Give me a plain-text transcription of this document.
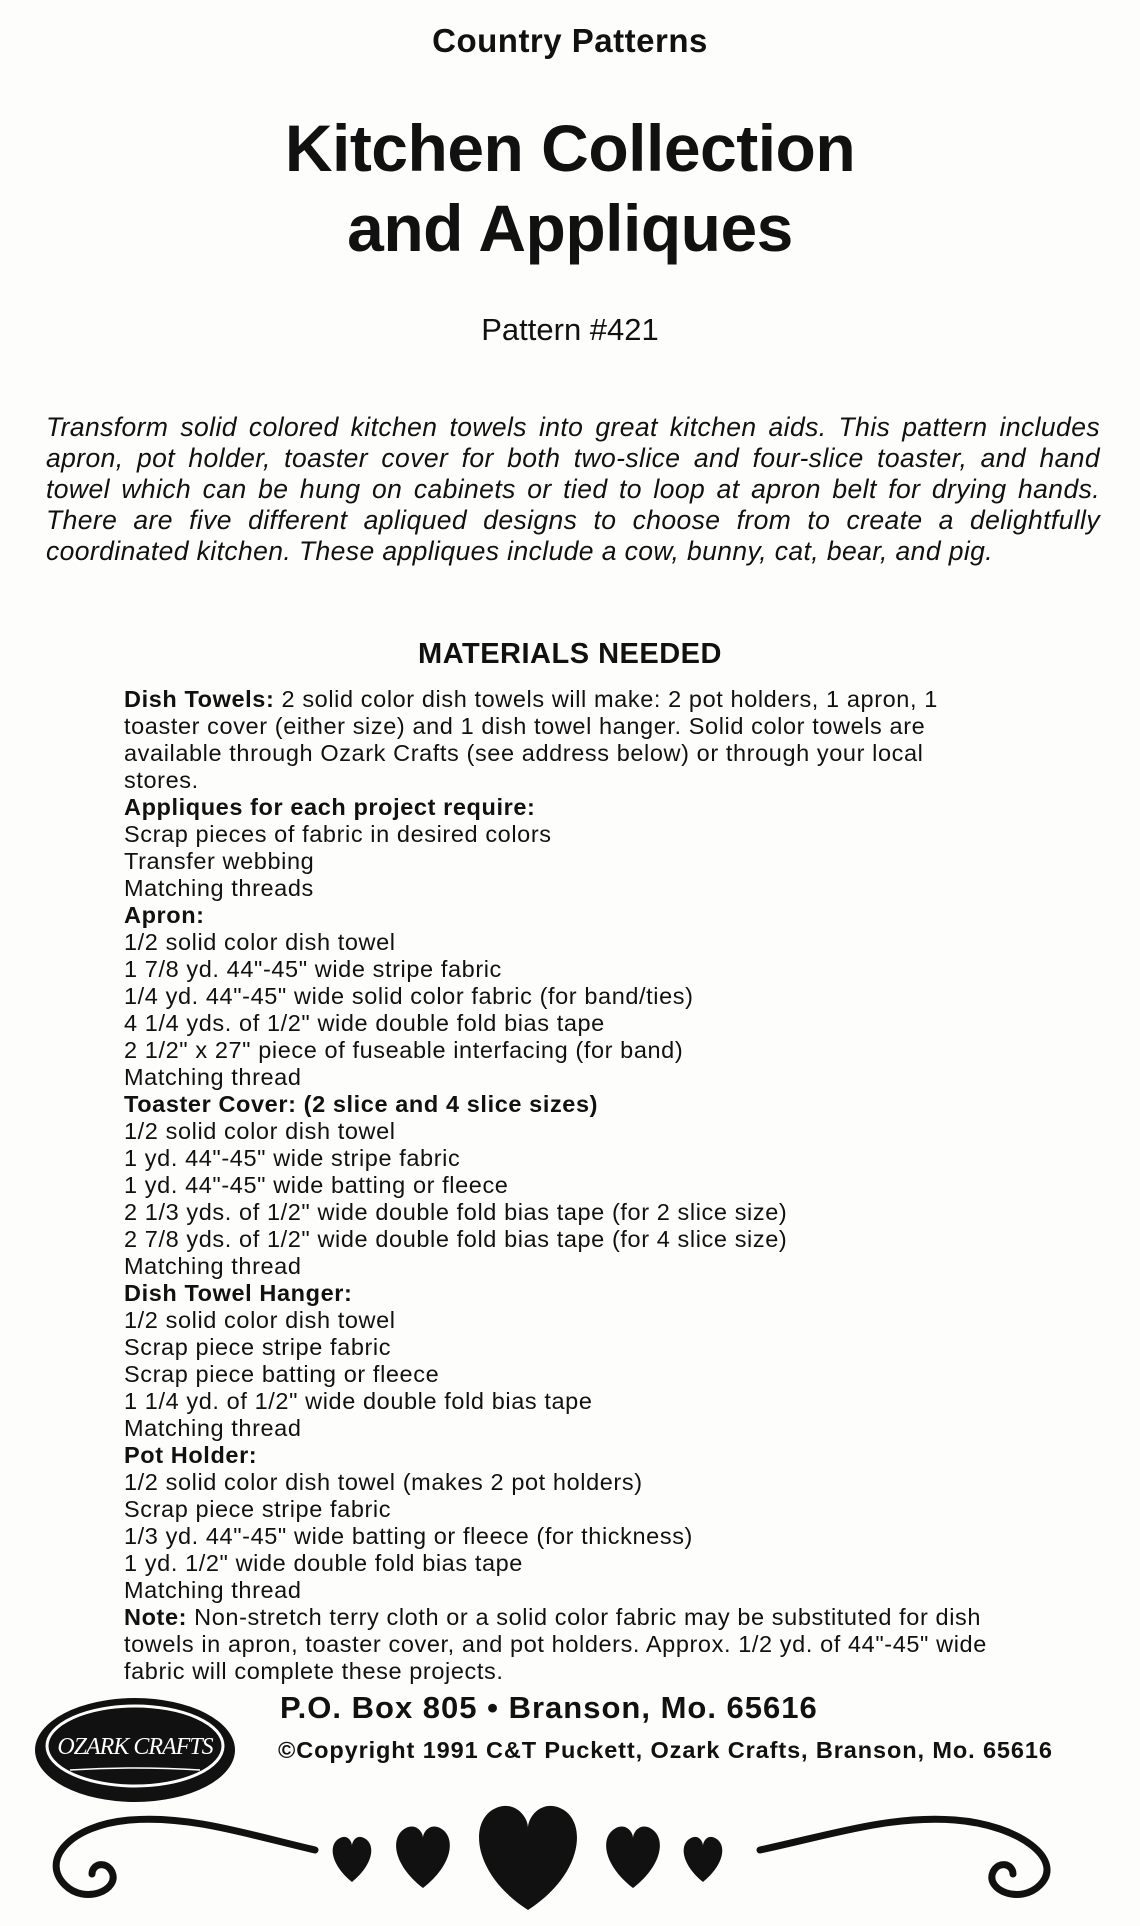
Country Patterns
Kitchen Collection
and Appliques
Pattern #421
Transform solid colored kitchen towels into great kitchen aids. This pattern includes apron, pot holder, toaster cover for both two-slice and four-slice toaster, and hand towel which can be hung on cabinets or tied to loop at apron belt for drying hands. There are five different apliqued designs to choose from to create a delightfully coordinated kitchen. These appliques include a cow, bunny, cat, bear, and pig.
MATERIALS NEEDED
Dish Towels: 2 solid color dish towels will make: 2 pot holders, 1 apron, 1 toaster cover (either size) and 1 dish towel hanger. Solid color towels are available through Ozark Crafts (see address below) or through your local stores.
Appliques for each project require:
Scrap pieces of fabric in desired colors
Transfer webbing
Matching threads
Apron:
1/2 solid color dish towel
1 7/8 yd. 44"-45" wide stripe fabric
1/4 yd. 44"-45" wide solid color fabric (for band/ties)
4 1/4 yds. of 1/2" wide double fold bias tape
2 1/2" x 27" piece of fuseable interfacing (for band)
Matching thread
Toaster Cover: (2 slice and 4 slice sizes)
1/2 solid color dish towel
1 yd. 44"-45" wide stripe fabric
1 yd. 44"-45" wide batting or fleece
2 1/3 yds. of 1/2" wide double fold bias tape (for 2 slice size)
2 7/8 yds. of 1/2" wide double fold bias tape (for 4 slice size)
Matching thread
Dish Towel Hanger:
1/2 solid color dish towel
Scrap piece stripe fabric
Scrap piece batting or fleece
1 1/4 yd. of 1/2" wide double fold bias tape
Matching thread
Pot Holder:
1/2 solid color dish towel (makes 2 pot holders)
Scrap piece stripe fabric
1/3 yd. 44"-45" wide batting or fleece (for thickness)
1 yd. 1/2" wide double fold bias tape
Matching thread
Note: Non-stretch terry cloth or a solid color fabric may be substituted for dish towels in apron, toaster cover, and pot holders. Approx. 1/2 yd. of 44"-45" wide fabric will complete these projects.
OZARK CRAFTS
P.O. Box 805 • Branson, Mo. 65616
©Copyright 1991 C&T Puckett, Ozark Crafts, Branson, Mo. 65616
